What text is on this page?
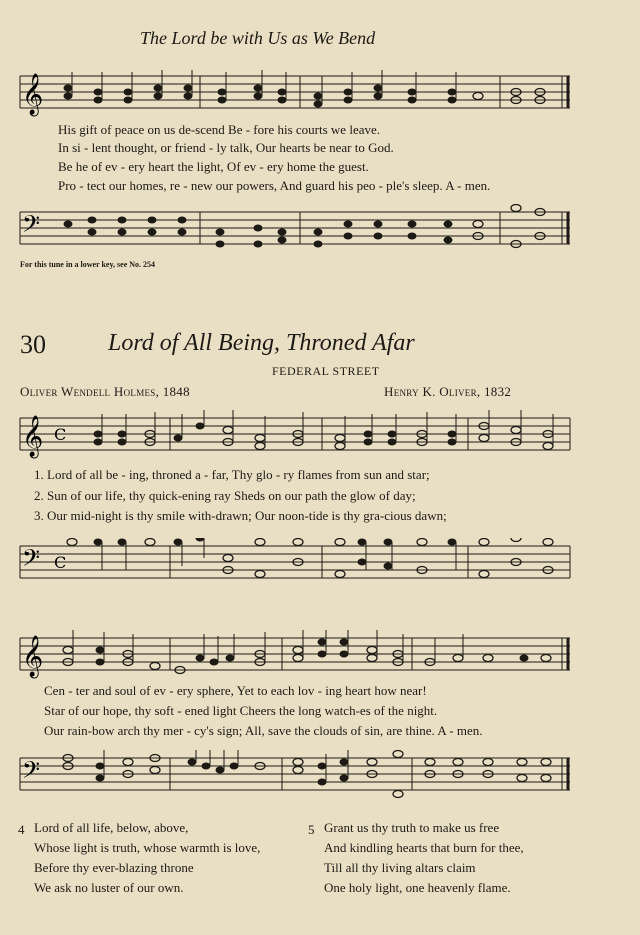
The Lord be with Us as We Bend
𝄞
His gift of peace on us de-scend Be - fore his courts we leave.
In si - lent thought, or friend - ly talk, Our hearts be near to God.
Be he of ev - ery heart the light, Of ev - ery home the guest.
Pro - tect our homes, re - new our powers, And guard his peo - ple's sleep. A - men.
𝄢
For this tune in a lower key, see No. 254
30	Lord of All Being, Throned Afar
FEDERAL STREET
Oliver Wendell Holmes, 1848	Henry K. Oliver, 1832
𝄞 C
1. Lord of all be - ing, throned a - far, Thy glo - ry flames from sun and star;
2. Sun of our life, thy quick-ening ray Sheds on our path the glow of day;
3. Our mid-night is thy smile with-drawn; Our noon-tide is thy gra-cious dawn;
𝄢 C
𝄞
Cen - ter and soul of ev - ery sphere, Yet to each lov - ing heart how near!
Star of our hope, thy soft - ened light Cheers the long watch-es of the night.
Our rain-bow arch thy mer - cy's sign; All, save the clouds of sin, are thine. A - men.
𝄢
4 Lord of all life, below, above,
Whose light is truth, whose warmth is love,
Before thy ever-blazing throne
We ask no luster of our own.
5 Grant us thy truth to make us free
And kindling hearts that burn for thee,
Till all thy living altars claim
One holy light, one heavenly flame.
